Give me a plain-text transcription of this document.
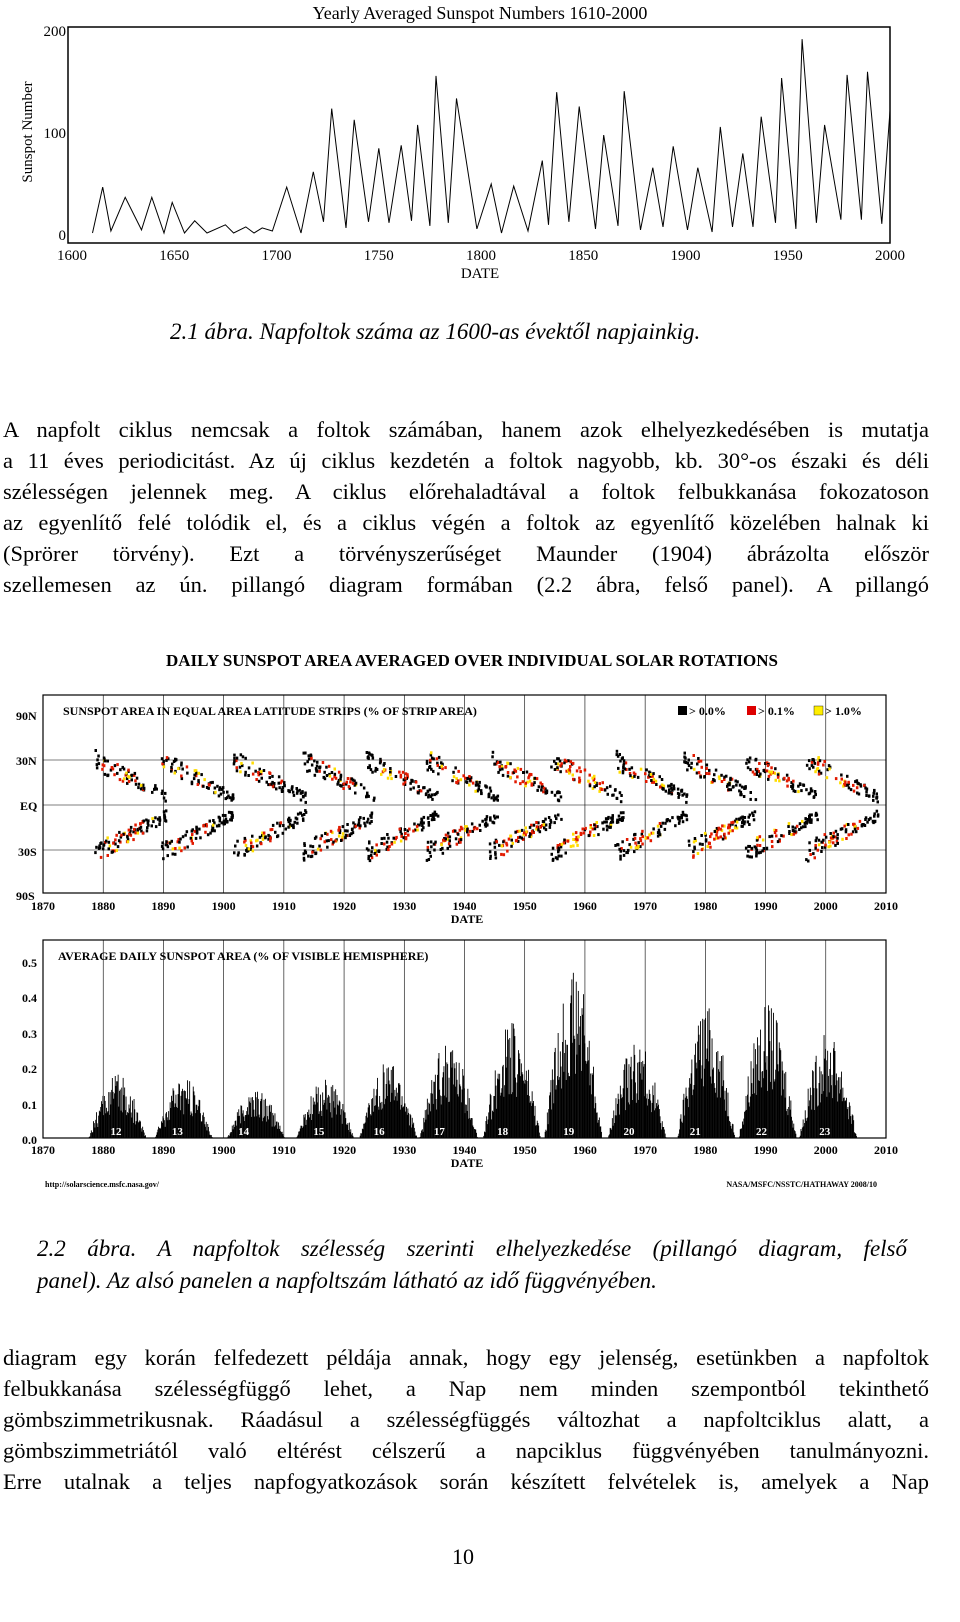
Yearly Averaged Sunspot Numbers 1610-2000
Sunspot Number
200
100
0
1600	1650	1700	1750	1800	1850	1900	1950	2000
DATE
2.1 ábra. Napfoltok száma az 1600-as évektől napjainkig.
A napfolt ciklus nemcsak a foltok számában, hanem azok elhelyezkedésében is mutatja
a 11 éves periodicitást. Az új ciklus kezdetén a foltok nagyobb, kb. 30°-os északi és déli
szélességen jelennek meg. A ciklus előrehaladtával a foltok felbukkanása fokozatoson
az egyenlítő felé tolódik el, és a ciklus végén a foltok az egyenlítő közelében halnak ki
(Sprörer törvény). Ezt a törvényszerűséget Maunder (1904) ábrázolta először
szellemesen az ún. pillangó diagram formában (2.2 ábra, felső panel). A pillangó
DAILY SUNSPOT AREA AVERAGED OVER INDIVIDUAL SOLAR ROTATIONS
SUNSPOT AREA IN EQUAL AREA LATITUDE STRIPS (% OF STRIP AREA)	> 0.0%	> 0.1%	> 1.0%
90N
30N
EQ
30S
90S
1870	1880	1890	1900	1910	1920	1930	1940	1950	1960	1970	1980	1990	2000	2010
DATE
AVERAGE DAILY SUNSPOT AREA (% OF VISIBLE HEMISPHERE)
0.5
0.4
0.3
0.2
0.1
0.0
12	13	14	15	16	17	18	19	20	21	22	23
1870	1880	1890	1900	1910	1920	1930	1940	1950	1960	1970	1980	1990	2000	2010
DATE
http://solarscience.msfc.nasa.gov/	NASA/MSFC/NSSTC/HATHAWAY 2008/10
2.2 ábra. A napfoltok szélesség szerinti elhelyezkedése (pillangó diagram, felső
panel). Az alsó panelen a napfoltszám látható az idő függvényében.
diagram egy korán felfedezett példája annak, hogy egy jelenség, esetünkben a napfoltok
felbukkanása szélességfüggő lehet, a Nap nem minden szempontból tekinthető
gömbszimmetrikusnak. Ráadásul a szélességfüggés változhat a napfoltciklus alatt, a
gömbszimmetriától való eltérést célszerű a napciklus függvényében tanulmányozni.
Erre utalnak a teljes napfogyatkozások során készített felvételek is, amelyek a Nap
10
